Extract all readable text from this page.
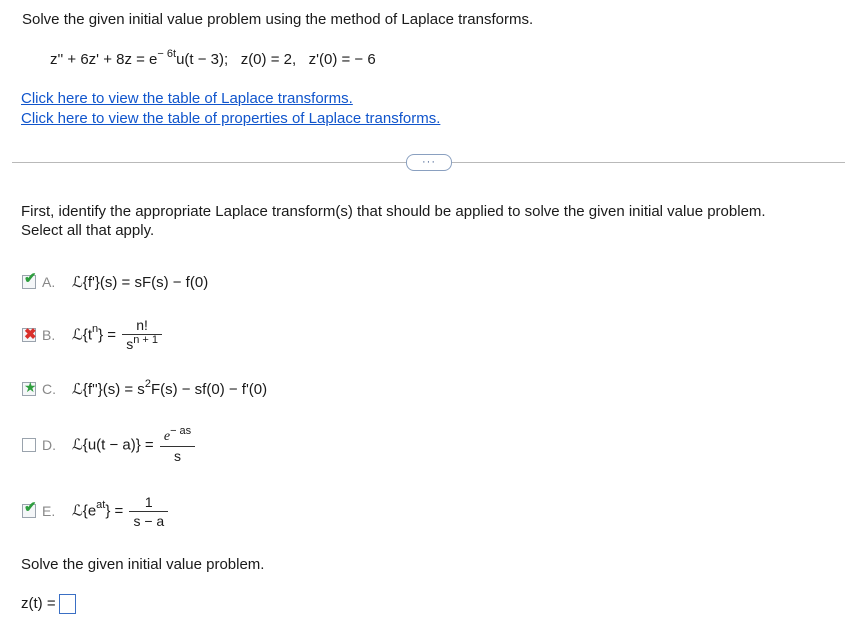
Solve the given initial value problem using the method of Laplace transforms.
$z'' + 6z' + 8z = e^{- 6t}u(t - 3)$; z(0) = 2, z'(0) = − 6
Click here to view the table of Laplace transforms.
Click here to view the table of properties of Laplace transforms.
···
First, identify the appropriate Laplace transform(s) that should be applied to solve the given initial value problem.
Select all that apply.
✔ A.	ℒ{f'}(s) = sF(s) − f(0)
✖ B.	$ℒ\{t^n\} = \frac{n!}{s^{n + 1}}$
★ C.	ℒ{f''}(s) = $s^2F(s) - sf(0) - f'(0)$
D.	ℒ{u(t − $a)\} = \frac{e^{- as}}{s}$
✔ E.	$ℒ\{e^{at}\} = \frac{1}{s - a}$
Solve the given initial value problem.
z(t) =
